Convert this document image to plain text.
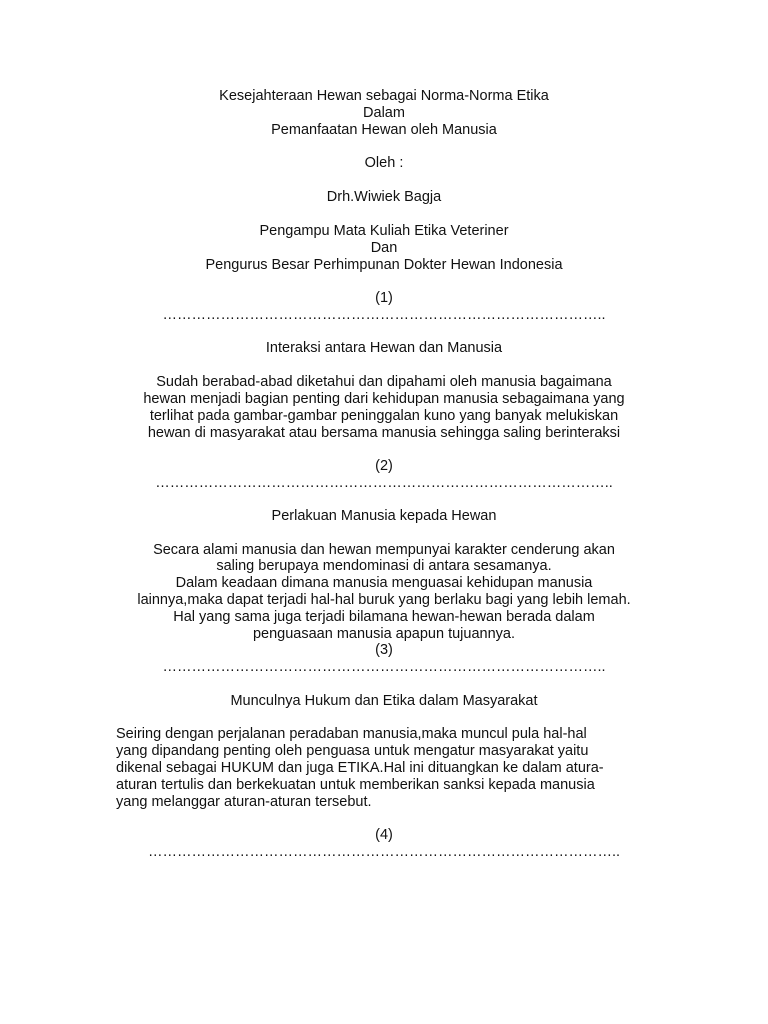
Kesejahteraan Hewan sebagai Norma-Norma Etika
Dalam
Pemanfaatan Hewan oleh Manusia
Oleh :
Drh.Wiwiek Bagja
Pengampu Mata Kuliah Etika Veteriner
Dan
Pengurus Besar Perhimpunan Dokter Hewan Indonesia
(1)
………………………………………………………………………………..
Interaksi antara Hewan dan Manusia
Sudah berabad-abad diketahui dan dipahami oleh manusia bagaimana
hewan menjadi bagian penting dari kehidupan manusia sebagaimana yang
terlihat pada gambar-gambar peninggalan kuno yang banyak melukiskan
hewan di masyarakat atau bersama manusia sehingga saling berinteraksi
(2)
…………………………………………………………………………………..
Perlakuan Manusia kepada Hewan
Secara alami manusia dan hewan mempunyai karakter cenderung akan
saling berupaya mendominasi di antara sesamanya.
Dalam keadaan dimana manusia menguasai kehidupan manusia
lainnya,maka dapat terjadi hal-hal buruk yang berlaku bagi yang lebih lemah.
Hal yang sama juga terjadi bilamana hewan-hewan berada dalam
penguasaan manusia apapun tujuannya.
(3)
………………………………………………………………………………..
Munculnya Hukum dan Etika dalam Masyarakat
Seiring dengan perjalanan peradaban manusia,maka muncul pula hal-hal
yang dipandang penting oleh penguasa untuk mengatur masyarakat yaitu
dikenal sebagai HUKUM dan juga ETIKA.Hal ini dituangkan ke dalam atura-
aturan tertulis dan berkekuatan untuk memberikan sanksi kepada manusia
yang melanggar aturan-aturan tersebut.
(4)
……………………………………………………………………………………..
